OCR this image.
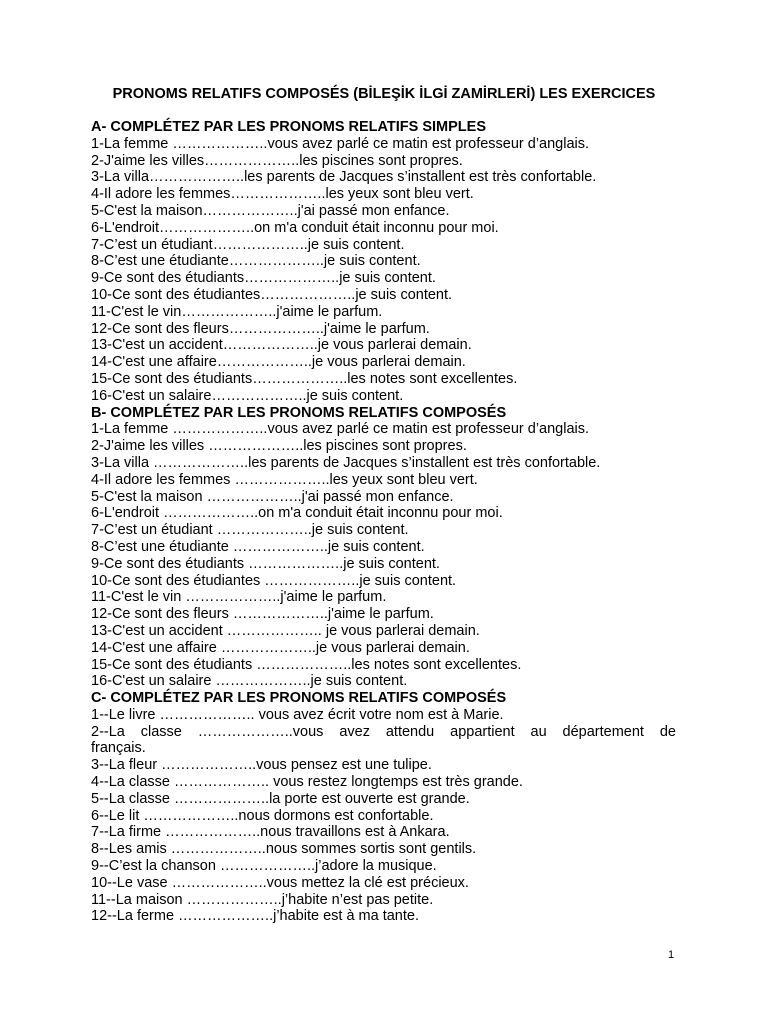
PRONOMS RELATIFS COMPOSÉS (BİLEŞİK İLGİ ZAMİRLERİ) LES EXERCICES
A- COMPLÉTEZ PAR LES PRONOMS RELATIFS SIMPLES
1-La femme ………………..vous avez parlé ce matin est professeur d’anglais.
2-J'aime les villes………………..les piscines sont propres.
3-La villa………………..les parents de Jacques s’installent est très confortable.
4-Il adore les femmes………………..les yeux sont bleu vert.
5-C'est la maison………………..j'ai passé mon enfance.
6-L'endroit………………..on m'a conduit était inconnu pour moi.
7-C’est un étudiant………………..je suis content.
8-C’est une étudiante………………..je suis content.
9-Ce sont des étudiants………………..je suis content.
10-Ce sont des étudiantes………………..je suis content.
11-C'est le vin………………..j'aime le parfum.
12-Ce sont des fleurs………………..j'aime le parfum.
13-C'est un accident………………..je vous parlerai demain.
14-C'est une affaire………………..je vous parlerai demain.
15-Ce sont des étudiants………………..les notes sont excellentes.
16-C'est un salaire………………..je suis content.
B- COMPLÉTEZ PAR LES PRONOMS RELATIFS COMPOSÉS
1-La femme ………………..vous avez parlé ce matin est professeur d’anglais.
2-J'aime les villes ………………..les piscines sont propres.
3-La villa ………………..les parents de Jacques s’installent est très confortable.
4-Il adore les femmes ………………..les yeux sont bleu vert.
5-C'est la maison ………………..j'ai passé mon enfance.
6-L'endroit ………………..on m'a conduit était inconnu pour moi.
7-C’est un étudiant ………………..je suis content.
8-C’est une étudiante ………………..je suis content.
9-Ce sont des étudiants ………………..je suis content.
10-Ce sont des étudiantes ………………..je suis content.
11-C'est le vin ………………..j'aime le parfum.
12-Ce sont des fleurs ………………..j'aime le parfum.
13-C'est un accident ……………….. je vous parlerai demain.
14-C'est une affaire ………………..je vous parlerai demain.
15-Ce sont des étudiants ………………..les notes sont excellentes.
16-C'est un salaire ………………..je suis content.
C- COMPLÉTEZ PAR LES PRONOMS RELATIFS COMPOSÉS
1--Le livre ……………….. vous avez écrit votre nom est à Marie.
2--La classe ………………..vous avez attendu appartient au département de
français.
3--La fleur ………………..vous pensez est une tulipe.
4--La classe ……………….. vous restez longtemps est très grande.
5--La classe ………………..la porte est ouverte est grande.
6--Le lit ………………..nous dormons est confortable.
7--La firme ………………..nous travaillons est à Ankara.
8--Les amis ………………..nous sommes sortis sont gentils.
9--C’est la chanson ………………..j’adore la musique.
10--Le vase ………………..vous mettez la clé est précieux.
11--La maison ………………..j’habite n’est pas petite.
12--La ferme ………………..j’habite est à ma tante.
1
